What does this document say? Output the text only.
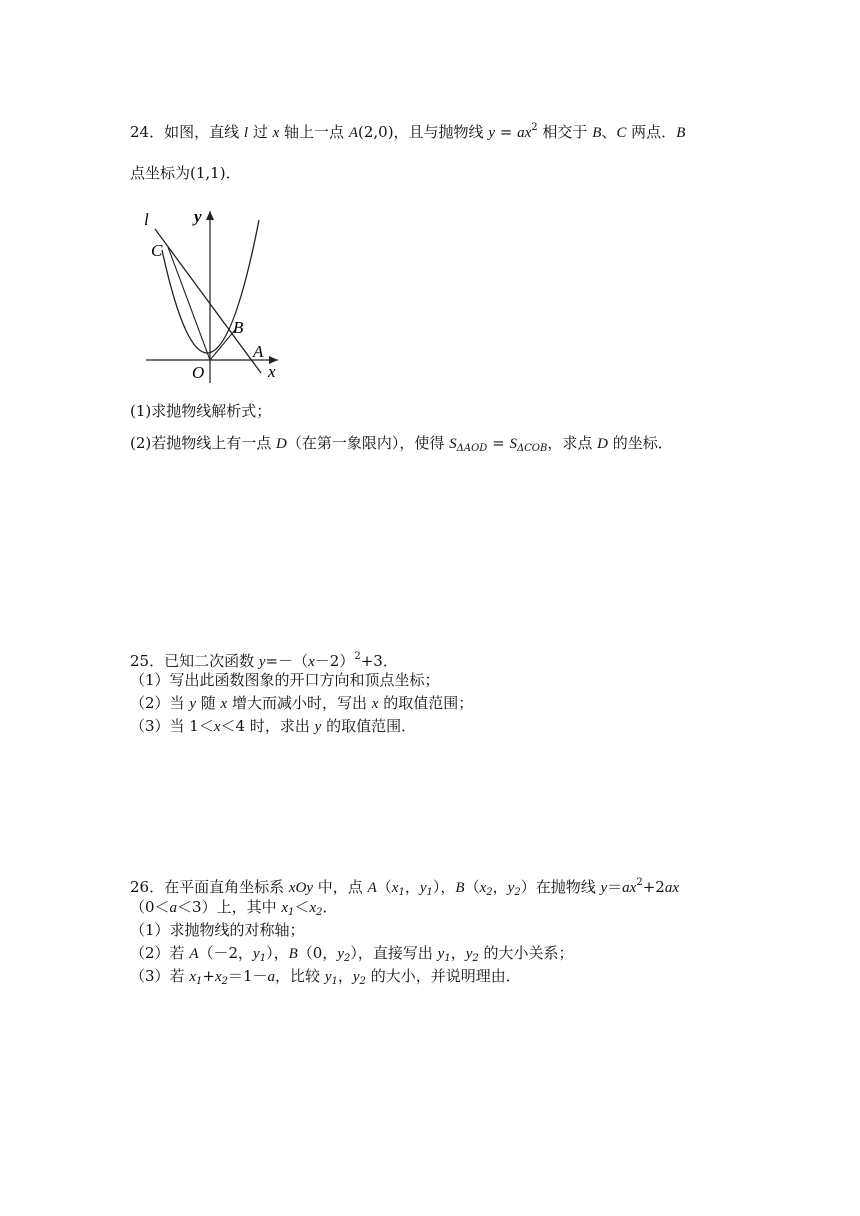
24．如图，直线 l 过 x 轴上一点 A(2,0)，且与抛物线 $y = ax^2$ 相交于 B、C 两点．B
点坐标为(1,1)．
l	y
C
B
A
O	x
(1)求抛物线解析式；
(2)若抛物线上有一点 D（在第一象限内），使得 $S_{\Delta AOD} = S_{\Delta COB}$，求点 D 的坐标．
25．已知二次函数 $y=-(x-2)^2+3$．
（1）写出此函数图象的开口方向和顶点坐标；
（2）当 y 随 x 增大而减小时，写出 x 的取值范围；
（3）当 1＜x＜4 时，求出 y 的取值范围．
26．在平面直角坐标系 xOy 中，点 $A(x_1$，$y_1$），$B(x_2$，$y_2$）在抛物线 $y=ax^2+2ax$
（0＜a＜3）上，其中 $x_1<x_2$．
（1）求抛物线的对称轴；
（2）若 A（－2，$y_1$），B（0，$y_2$），直接写出 $y_1$，$y_2$ 的大小关系；
（3）若 $x_1+x_2=1-a$，比较 $y_1$，$y_2$ 的大小，并说明理由．
